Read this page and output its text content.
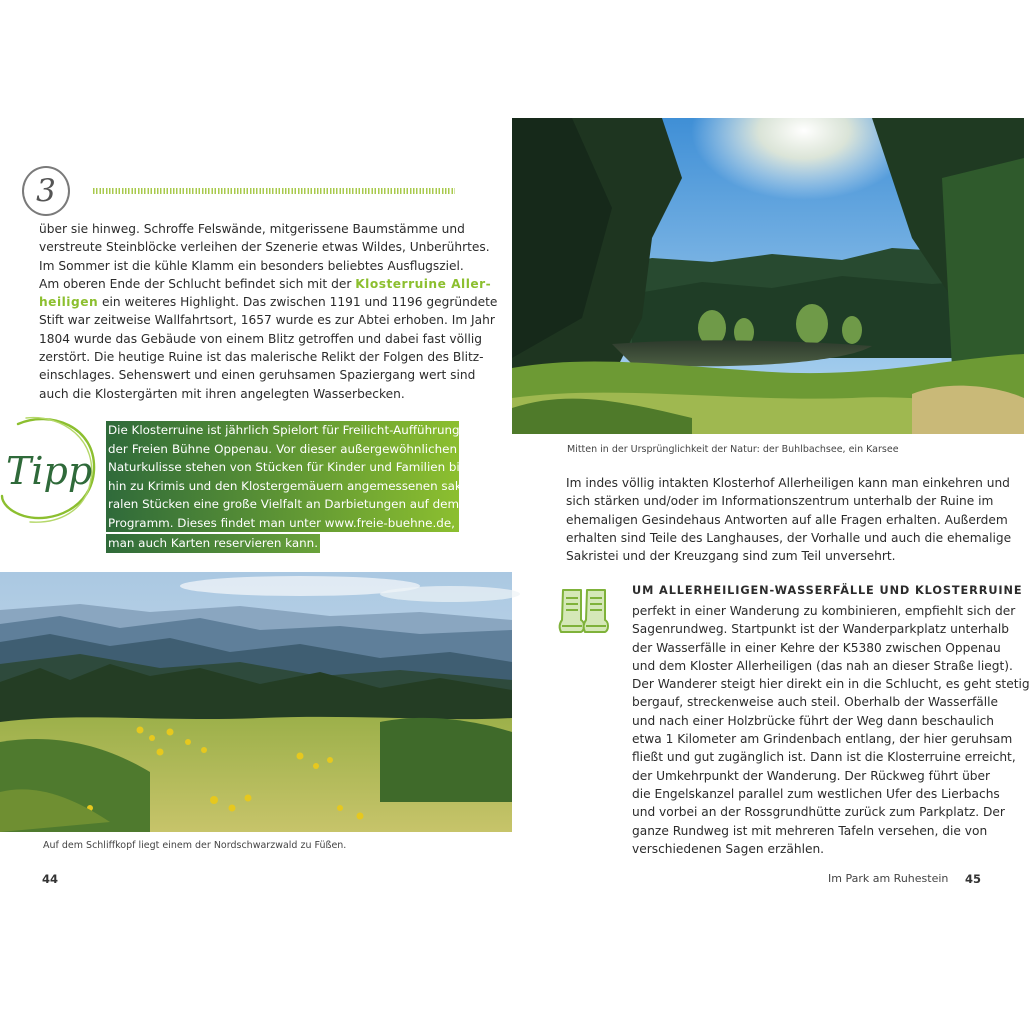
3
über sie hinweg. Schroffe Felswände, mitgerissene Baumstämme und
verstreute Steinblöcke verleihen der Szenerie etwas Wildes, Unberührtes.
Im Sommer ist die kühle Klamm ein besonders beliebtes Ausflugsziel.
Am oberen Ende der Schlucht befindet sich mit der Klosterruine Aller-
heiligen ein weiteres Highlight. Das zwischen 1191 und 1196 gegründete
Stift war zeitweise Wallfahrtsort, 1657 wurde es zur Abtei erhoben. Im Jahr
1804 wurde das Gebäude von einem Blitz getroffen und dabei fast völlig
zerstört. Die heutige Ruine ist das malerische Relikt der Folgen des Blitz-
einschlages. Sehenswert und einen geruhsamen Spaziergang wert sind
auch die Klostergärten mit ihren angelegten Wasserbecken.
Tipp
Die Klosterruine ist jährlich Spielort für Freilicht-Aufführungen
der Freien Bühne Oppenau. Vor dieser außergewöhnlichen
Naturkulisse stehen von Stücken für Kinder und Familien bis
hin zu Krimis und den Klostergemäuern angemessenen sak-
ralen Stücken eine große Vielfalt an Darbietungen auf dem
Programm. Dieses findet man unter www.freie-buehne.de, wo
man auch Karten reservieren kann.
Auf dem Schliffkopf liegt einem der Nordschwarzwald zu Füßen.
44
Mitten in der Ursprünglichkeit der Natur: der Buhlbachsee, ein Karsee
Im indes völlig intakten Klosterhof Allerheiligen kann man einkehren und
sich stärken und/oder im Informationszentrum unterhalb der Ruine im
ehemaligen Gesindehaus Antworten auf alle Fragen erhalten. Außerdem
erhalten sind Teile des Langhauses, der Vorhalle und auch die ehemalige
Sakristei und der Kreuzgang sind zum Teil unversehrt.
UM ALLERHEILIGEN-WASSERFÄLLE UND KLOSTERRUINE
perfekt in einer Wanderung zu kombinieren, empfiehlt sich der
Sagenrundweg. Startpunkt ist der Wanderparkplatz unterhalb
der Wasserfälle in einer Kehre der K5380 zwischen Oppenau
und dem Kloster Allerheiligen (das nah an dieser Straße liegt).
Der Wanderer steigt hier direkt ein in die Schlucht, es geht stetig
bergauf, streckenweise auch steil. Oberhalb der Wasserfälle
und nach einer Holzbrücke führt der Weg dann beschaulich
etwa 1 Kilometer am Grindenbach entlang, der hier geruhsam
fließt und gut zugänglich ist. Dann ist die Klosterruine erreicht,
der Umkehrpunkt der Wanderung. Der Rückweg führt über
die Engelskanzel parallel zum westlichen Ufer des Lierbachs
und vorbei an der Rossgrundhütte zurück zum Parkplatz. Der
ganze Rundweg ist mit mehreren Tafeln versehen, die von
verschiedenen Sagen erzählen.
Im Park am Ruhestein 45
